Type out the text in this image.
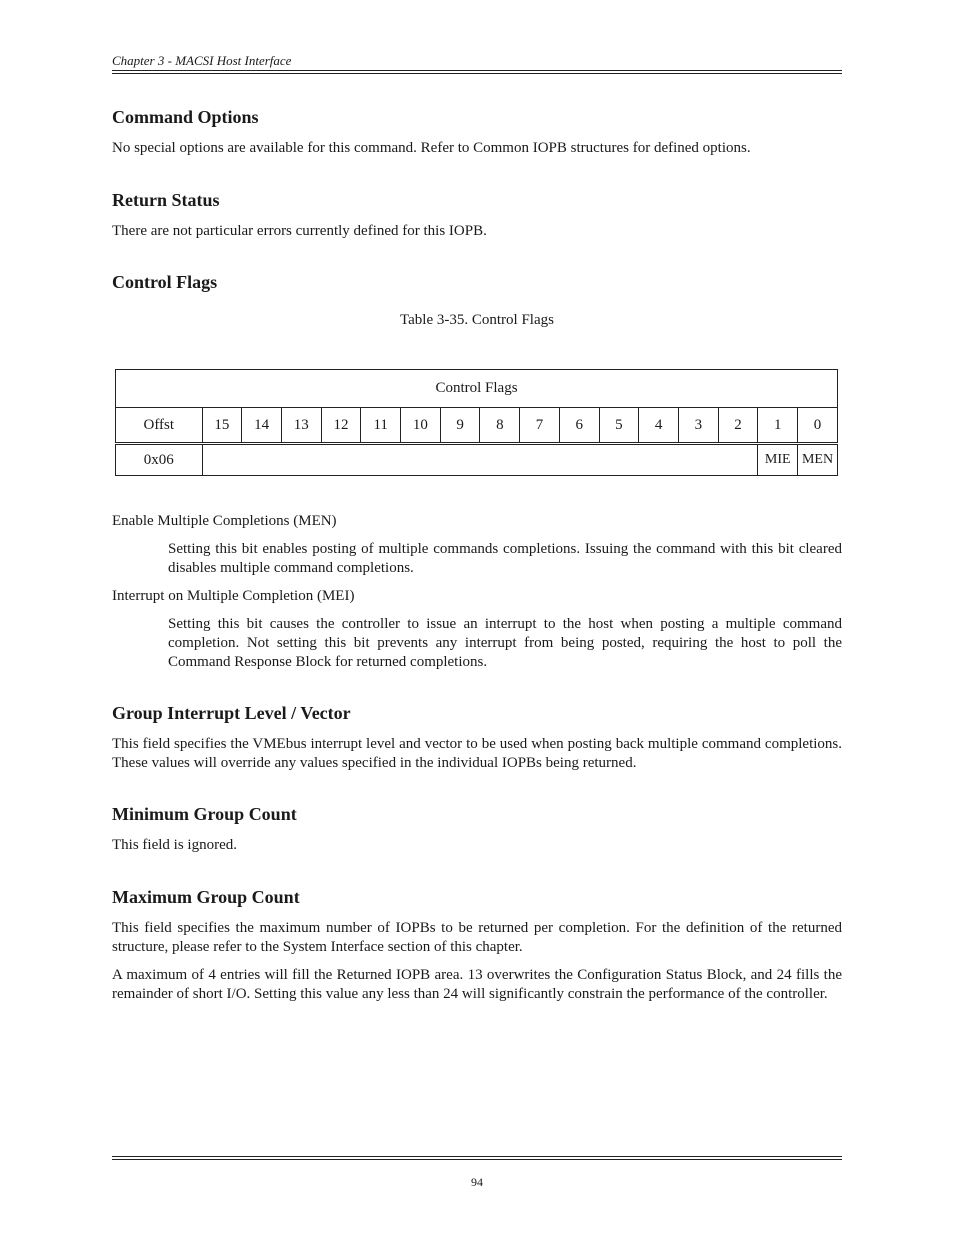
Chapter 3 - MACSI Host Interface
Command Options

No special options are available for this command. Refer to Common IOPB structures for defined options.

Return Status

There are not particular errors currently defined for this IOPB.

Control Flags
Table 3-35. Control Flags
Control Flags																
Offst	15	14	13	12	11	10	9	8	7	6	5	4	3	2	1	0
0x06															MIE	MEN

Enable Multiple Completions (MEN)

Setting this bit enables posting of multiple commands completions. Issuing the command with this bit cleared disables multiple command completions.

Interrupt on Multiple Completion (MEI)

Setting this bit causes the controller to issue an interrupt to the host when posting a multiple command completion. Not setting this bit prevents any interrupt from being posted, requiring the host to poll the Command Response Block for returned completions.

Group Interrupt Level / Vector

This field specifies the VMEbus interrupt level and vector to be used when posting back multiple command completions. These values will override any values specified in the individual IOPBs being returned.

Minimum Group Count

This field is ignored.

Maximum Group Count

This field specifies the maximum number of IOPBs to be returned per completion. For the definition of the returned structure, please refer to the System Interface section of this chapter.

A maximum of 4 entries will fill the Returned IOPB area. 13 overwrites the Configuration Status Block, and 24 fills the remainder of short I/O. Setting this value any less than 24 will significantly constrain the performance of the controller.

94
